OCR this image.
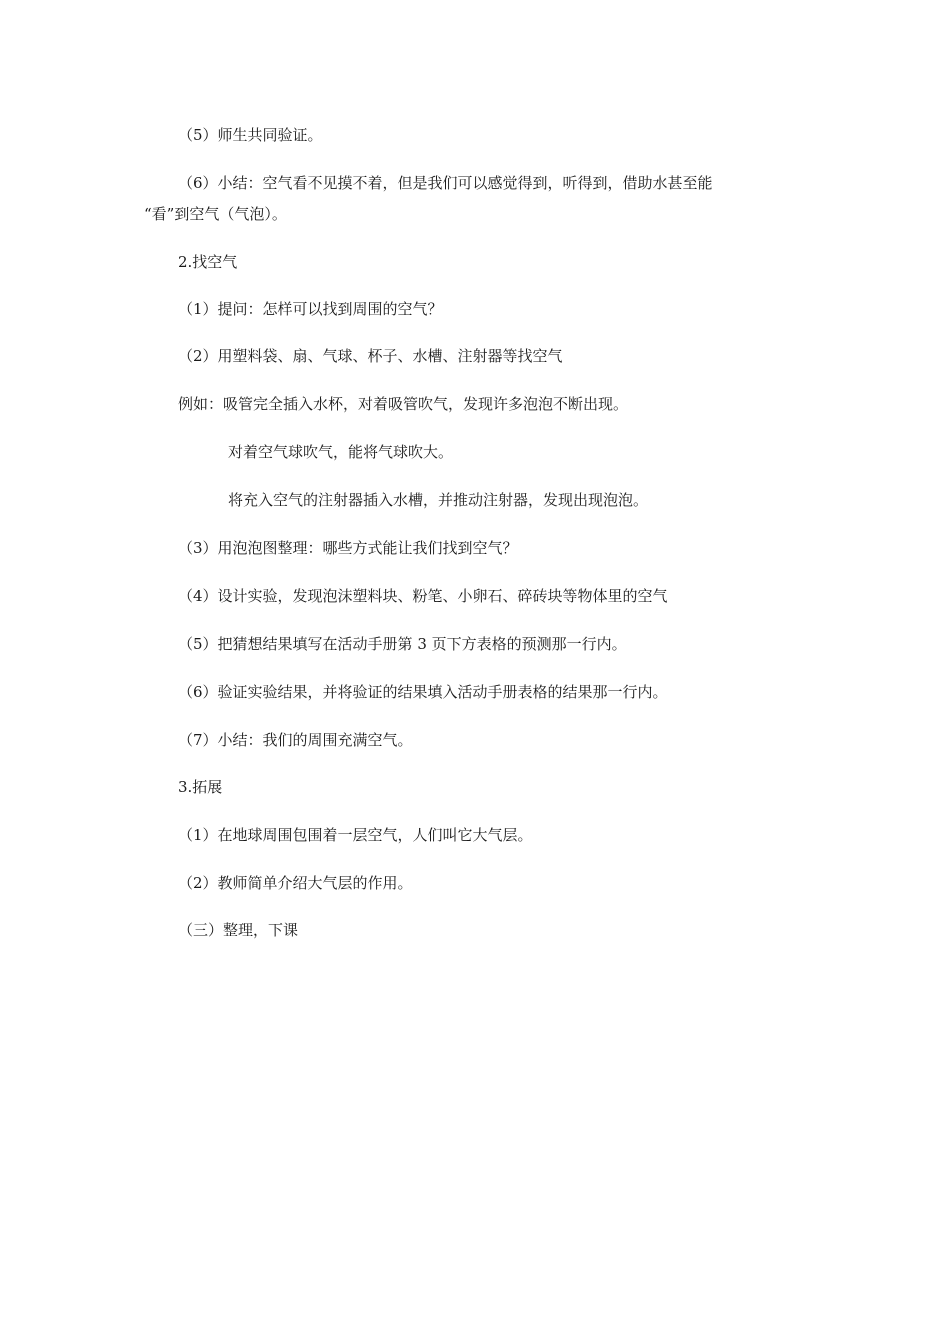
（5）师生共同验证。
（6）小结：空气看不见摸不着，但是我们可以感觉得到，听得到，借助水甚至能
“看”到空气（气泡）。
2.找空气
（1）提问：怎样可以找到周围的空气？
（2）用塑料袋、扇、气球、杯子、水槽、注射器等找空气
例如：吸管完全插入水杯，对着吸管吹气，发现许多泡泡不断出现。
对着空气球吹气，能将气球吹大。
将充入空气的注射器插入水槽，并推动注射器，发现出现泡泡。
（3）用泡泡图整理：哪些方式能让我们找到空气？
（4）设计实验，发现泡沫塑料块、粉笔、小卵石、碎砖块等物体里的空气
（5）把猜想结果填写在活动手册第 3 页下方表格的预测那一行内。
（6）验证实验结果，并将验证的结果填入活动手册表格的结果那一行内。
（7）小结：我们的周围充满空气。
3.拓展
（1）在地球周围包围着一层空气，人们叫它大气层。
（2）教师简单介绍大气层的作用。
（三）整理，下课
